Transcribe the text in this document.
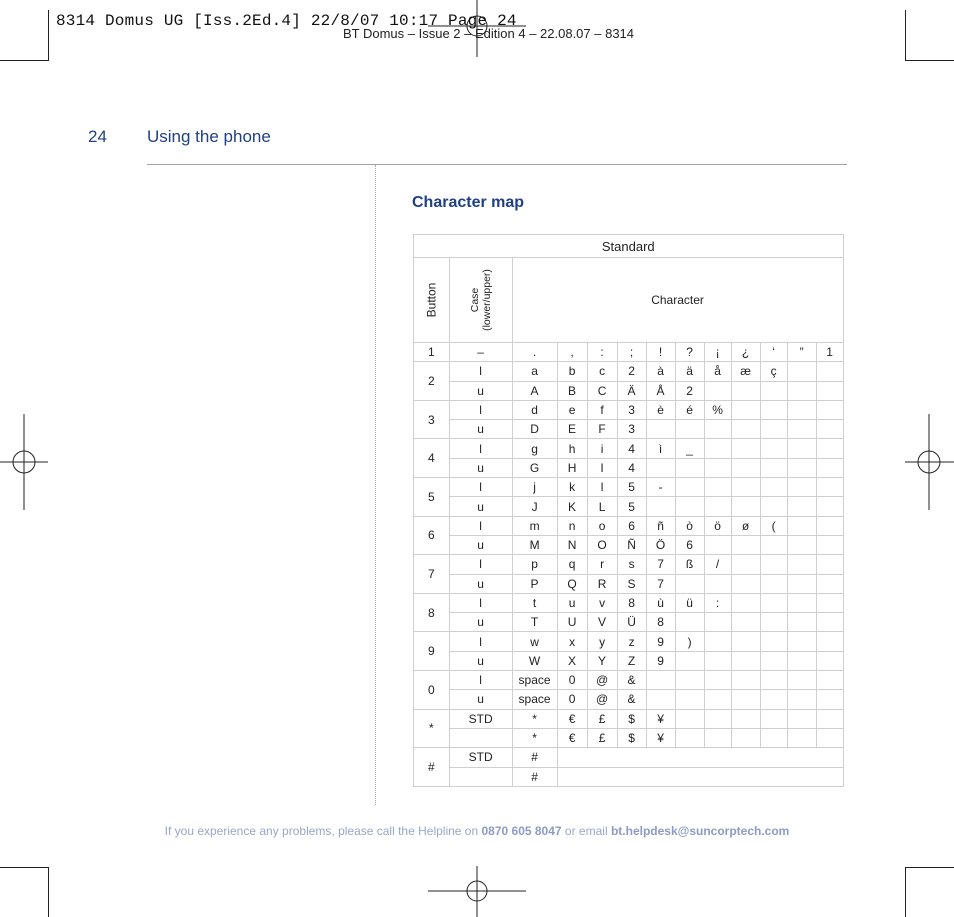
BT Domus – Issue 2 – Edition 4 – 22.08.07 – 8314
8314 Domus UG [Iss.2Ed.4] 22/8/07 10:17 Page 24
24 Using the phone
Character map
Standard												
Button	Case (lower/upper)	Character										
1	–	.	,	:	;	!	?	¡	¿	‘	”	1
2	l	a	b	c	2	à	ä	å	æ	ç		
	u	A	B	C	Ä	Å	2					
3	l	d	e	f	3	è	é	%				
	u	D	E	F	3							
4	l	g	h	i	4	ì	_					
	u	G	H	I	4							
5	l	j	k	l	5	-						
	u	J	K	L	5							
6	l	m	n	o	6	ñ	ò	ö	ø	(		
	u	M	N	O	Ñ	Ö	6					
7	l	p	q	r	s	7	ß	/				
	u	P	Q	R	S	7						
8	l	t	u	v	8	ù	ü	:				
	u	T	U	V	Ü	8						
9	l	w	x	y	z	9	)					
	u	W	X	Y	Z	9						
0	l	space	0	@	&							
	u	space	0	@	&							
*	STD	*	€	£	$	¥						
		*	€	£	$	¥						
#	STD	#										
		#										
If you experience any problems, please call the Helpline on 0870 605 8047 or email bt.helpdesk@suncorptech.com
